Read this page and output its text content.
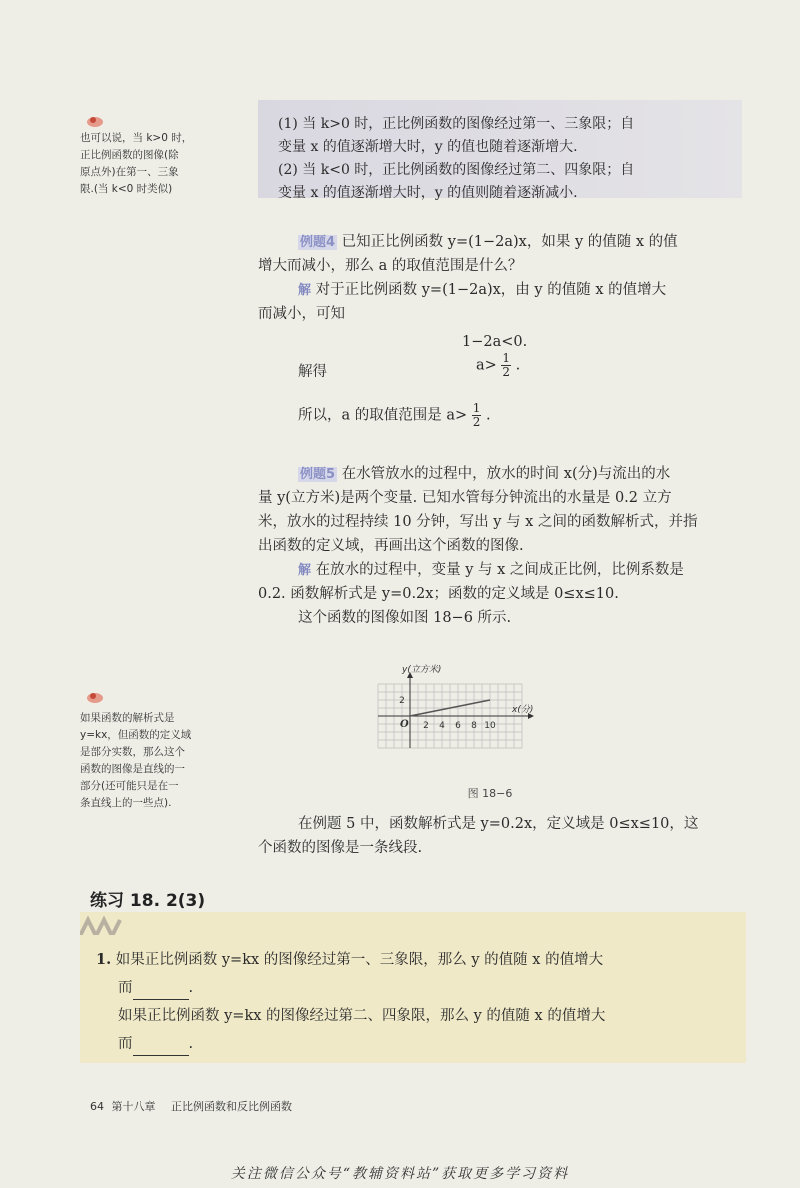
也可以说，当 k>0 时，
正比例函数的图像(除
原点外)在第一、三象
限.(当 k<0 时类似)
(1) 当 k>0 时，正比例函数的图像经过第一、三象限；自
变量 x 的值逐渐增大时，y 的值也随着逐渐增大.
(2) 当 k<0 时，正比例函数的图像经过第二、四象限；自
变量 x 的值逐渐增大时，y 的值则随着逐渐减小.
例题4 已知正比例函数 y=(1−2a)x，如果 y 的值随 x 的值
增大而减小，那么 a 的取值范围是什么？
解 对于正比例函数 y=(1−2a)x，由 y 的值随 x 的值增大
而减小，可知
1−2a<0.
解得	$a> \frac{1}{2}$ .
所以，a 的取值范围是 $a> \frac{1}{2}$ .
例题5 在水管放水的过程中，放水的时间 x(分)与流出的水
量 y(立方米)是两个变量. 已知水管每分钟流出的水量是 0.2 立方
米，放水的过程持续 10 分钟，写出 y 与 x 之间的函数解析式，并指
出函数的定义域，再画出这个函数的图像.
解 在放水的过程中，变量 y 与 x 之间成正比例，比例系数是
0.2. 函数解析式是 y=0.2x；函数的定义域是 0≤x≤10.
这个函数的图像如图 18−6 所示.
2 4 6 8 10
2
O
x(分)
y(立方米)
图 18−6
如果函数的解析式是
y=kx，但函数的定义域
是部分实数，那么这个
函数的图像是直线的一
部分(还可能只是在一
条直线上的一些点).
在例题 5 中，函数解析式是 y=0.2x，定义域是 0≤x≤10，这
个函数的图像是一条线段.
练习 18. 2(3)
1. 如果正比例函数 y=kx 的图像经过第一、三象限，那么 y 的值随 x 的值增大
而	.
如果正比例函数 y=kx 的图像经过第二、四象限，那么 y 的值随 x 的值增大
而	.
64 第十八章 正比例函数和反比例函数
关注微信公众号“教辅资料站”获取更多学习资料
